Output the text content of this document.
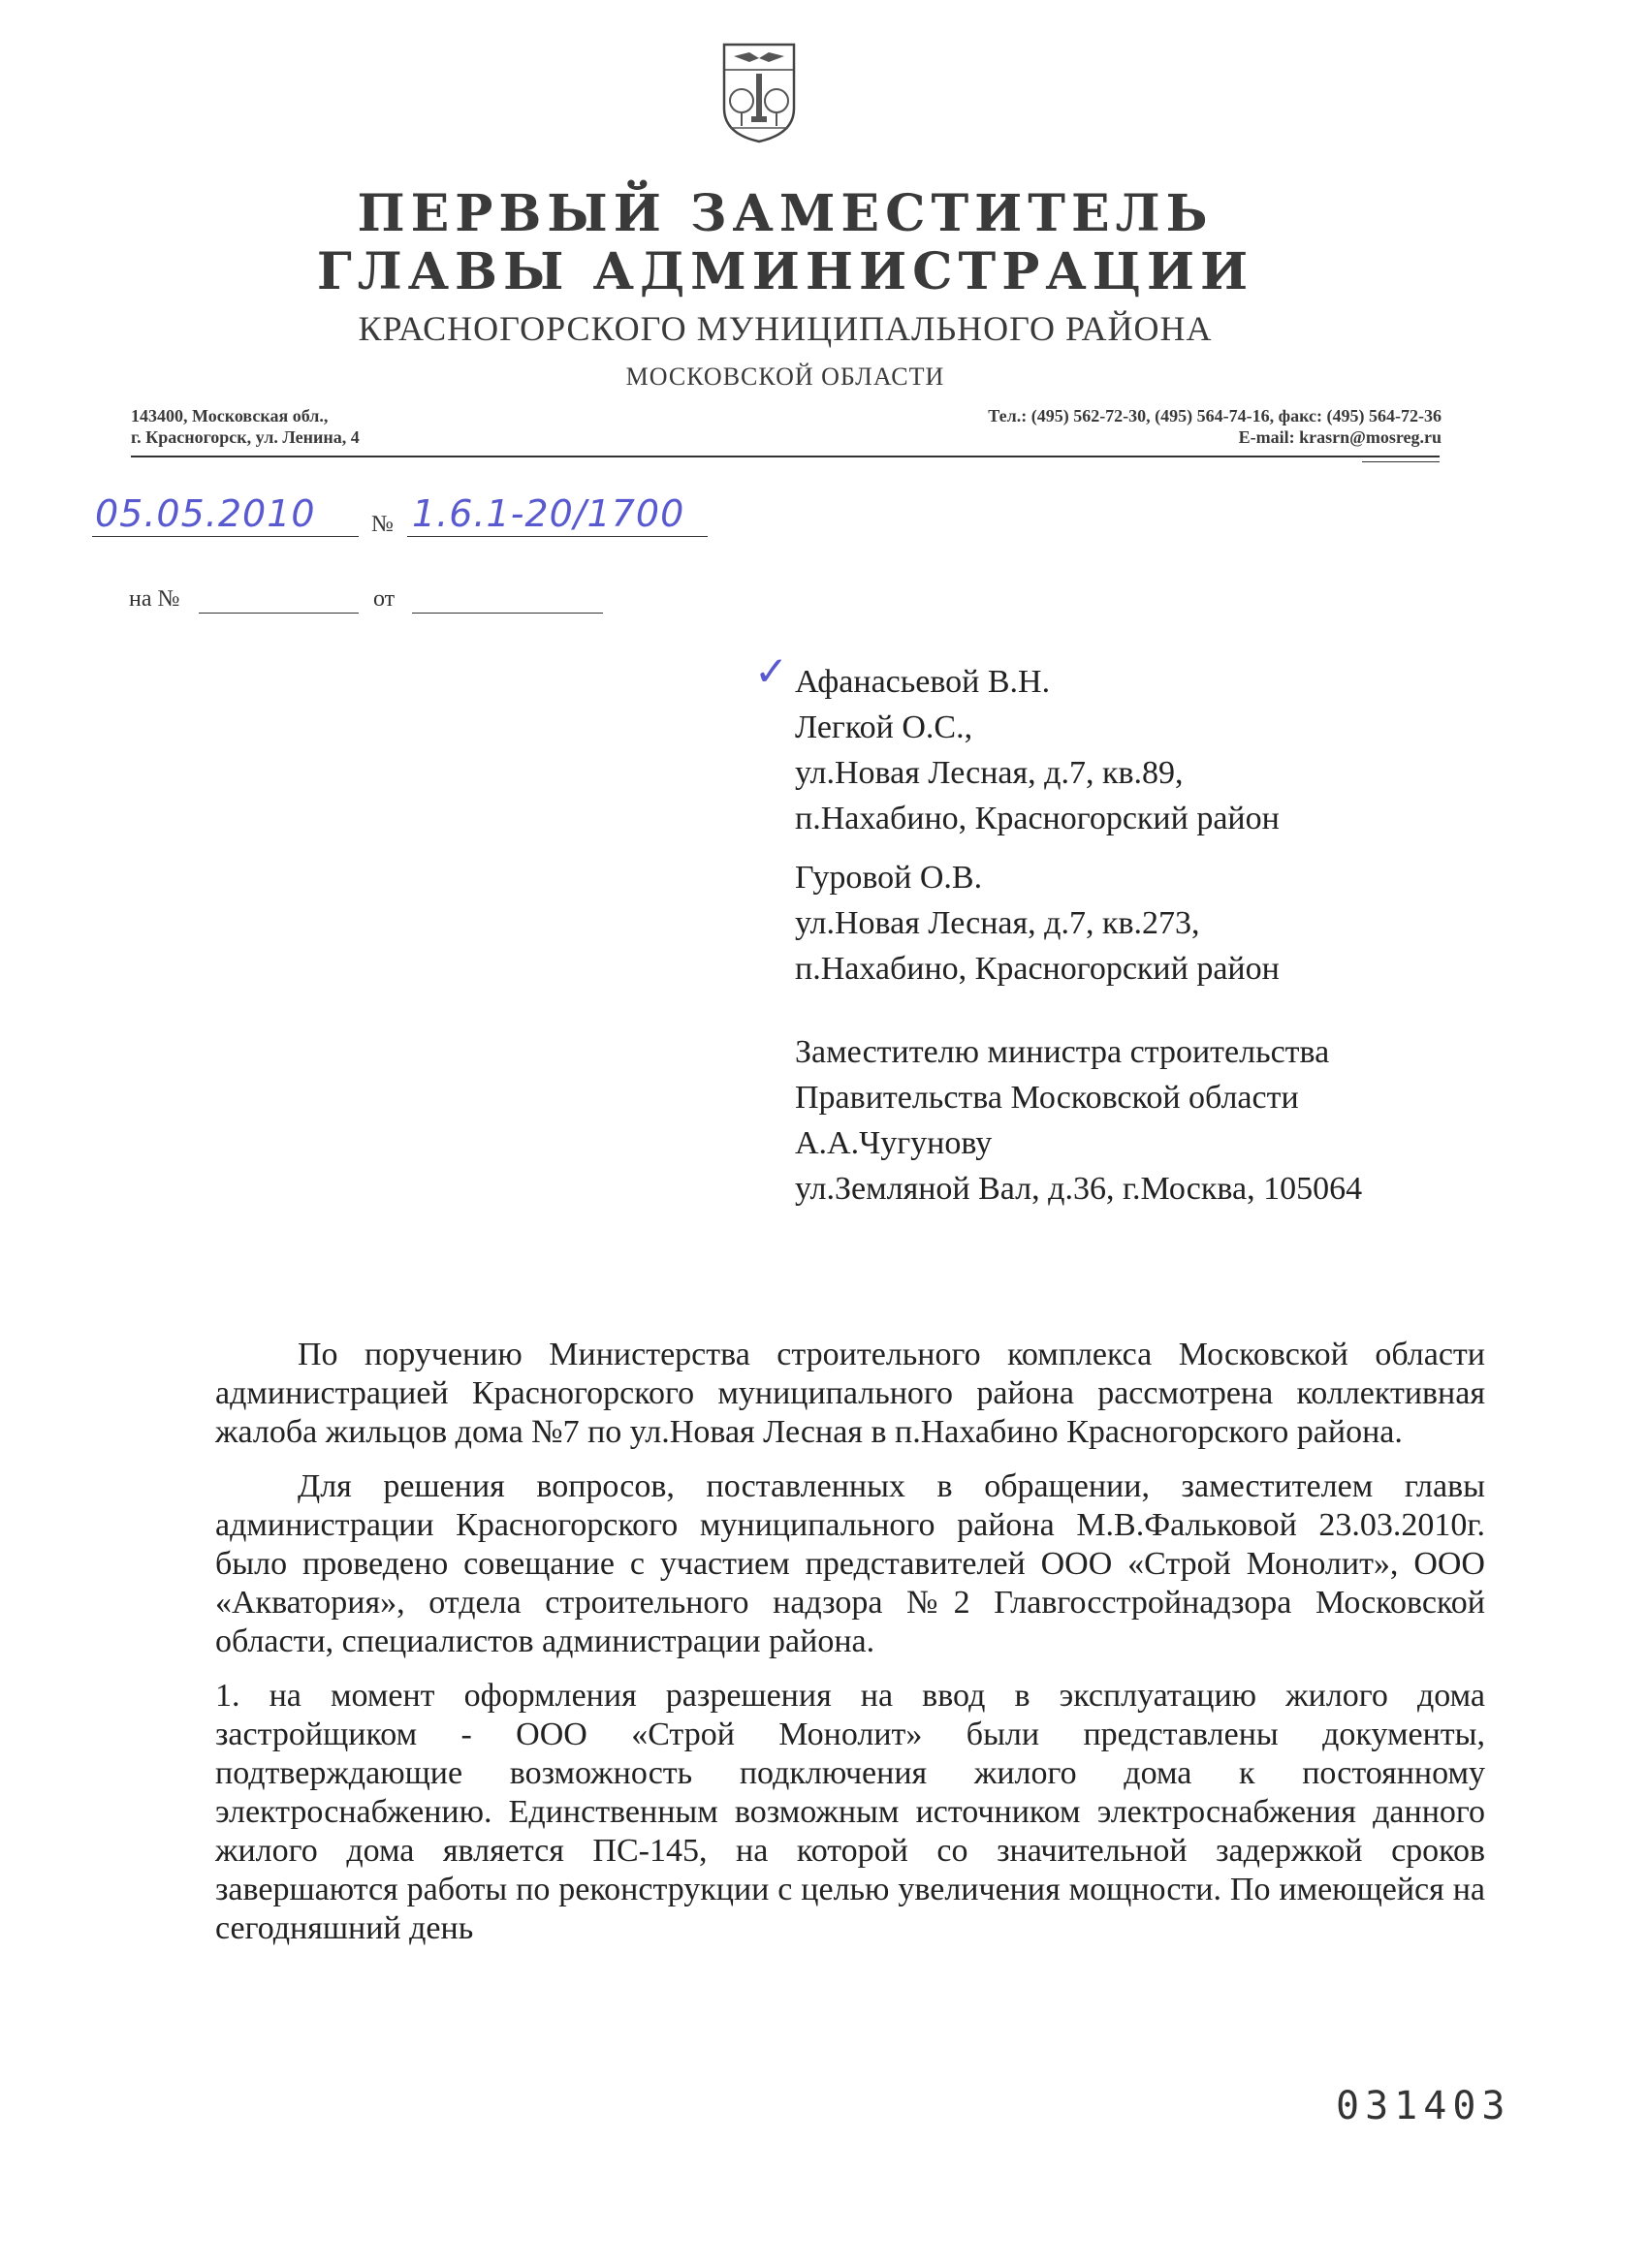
ПЕРВЫЙ ЗАМЕСТИТЕЛЬ
ГЛАВЫ АДМИНИСТРАЦИИ
КРАСНОГОРСКОГО МУНИЦИПАЛЬНОГО РАЙОНА
МОСКОВСКОЙ ОБЛАСТИ
143400, Московская обл.,
г. Красногорск, ул. Ленина, 4
Тел.: (495) 562-72-30, (495) 564-74-16, факс: (495) 564-72-36
E-mail: krasrn@mosreg.ru
05.05.2010 № 1.6.1-20/1700
на №	от
✓ Афанасьевой В.Н.
Легкой О.С.,
ул.Новая Лесная, д.7, кв.89,
п.Нахабино, Красногорский район
Гуровой О.В.
ул.Новая Лесная, д.7, кв.273,
п.Нахабино, Красногорский район
Заместителю министра строительства
Правительства Московской области
А.А.Чугунову
ул.Земляной Вал, д.36, г.Москва, 105064

По поручению Министерства строительного комплекса Московской области администрацией Красногорского муниципального района рассмотрена коллективная жалоба жильцов дома №7 по ул.Новая Лесная в п.Нахабино Красногорского района.

Для решения вопросов, поставленных в обращении, заместителем главы администрации Красногорского муниципального района М.В.Фальковой 23.03.2010г. было проведено совещание с участием представителей ООО «Строй Монолит», ООО «Акватория», отдела строительного надзора №2 Главгосстройнадзора Московской области, специалистов администрации района.

1. на момент оформления разрешения на ввод в эксплуатацию жилого дома застройщиком - ООО «Строй Монолит» были представлены документы, подтверждающие возможность подключения жилого дома к постоянному электроснабжению. Единственным возможным источником электроснабжения данного жилого дома является ПС-145, на которой со значительной задержкой сроков завершаются работы по реконструкции с целью увеличения мощности. По имеющейся на сегодняшний день

031403
